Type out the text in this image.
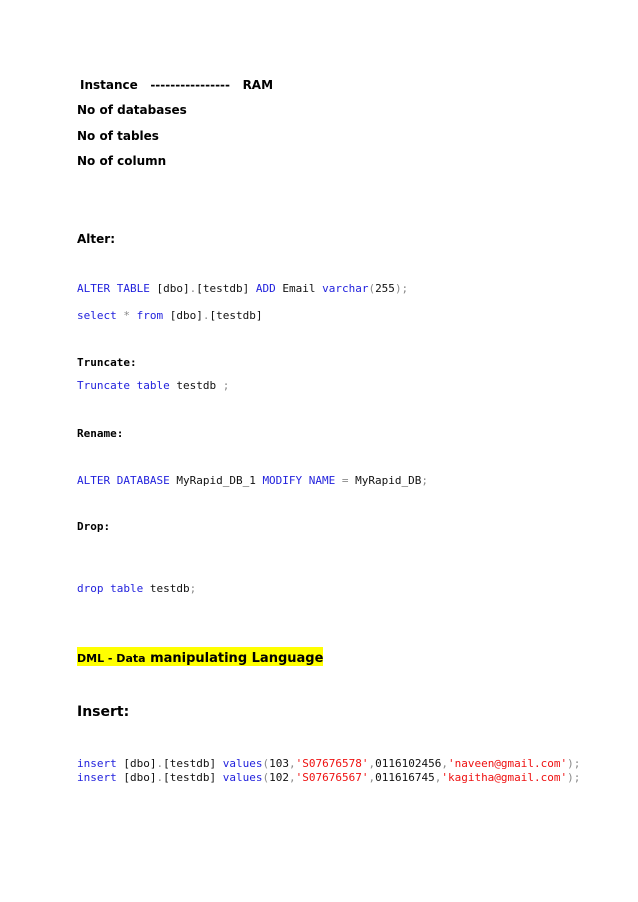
Instance ---------------- RAM
No of databases
No of tables
No of column
Alter:
ALTER TABLE [dbo].[testdb] ADD Email varchar(255);
select * from [dbo].[testdb]
Truncate:
Truncate table testdb ;
Rename:
ALTER DATABASE MyRapid_DB_1 MODIFY NAME = MyRapid_DB;
Drop:
drop table testdb;
DML - Data manipulating Language
Insert:
insert [dbo].[testdb] values(103,'S07676578',0116102456,'naveen@gmail.com');
insert [dbo].[testdb] values(102,'S07676567',011616745,'kagitha@gmail.com');
